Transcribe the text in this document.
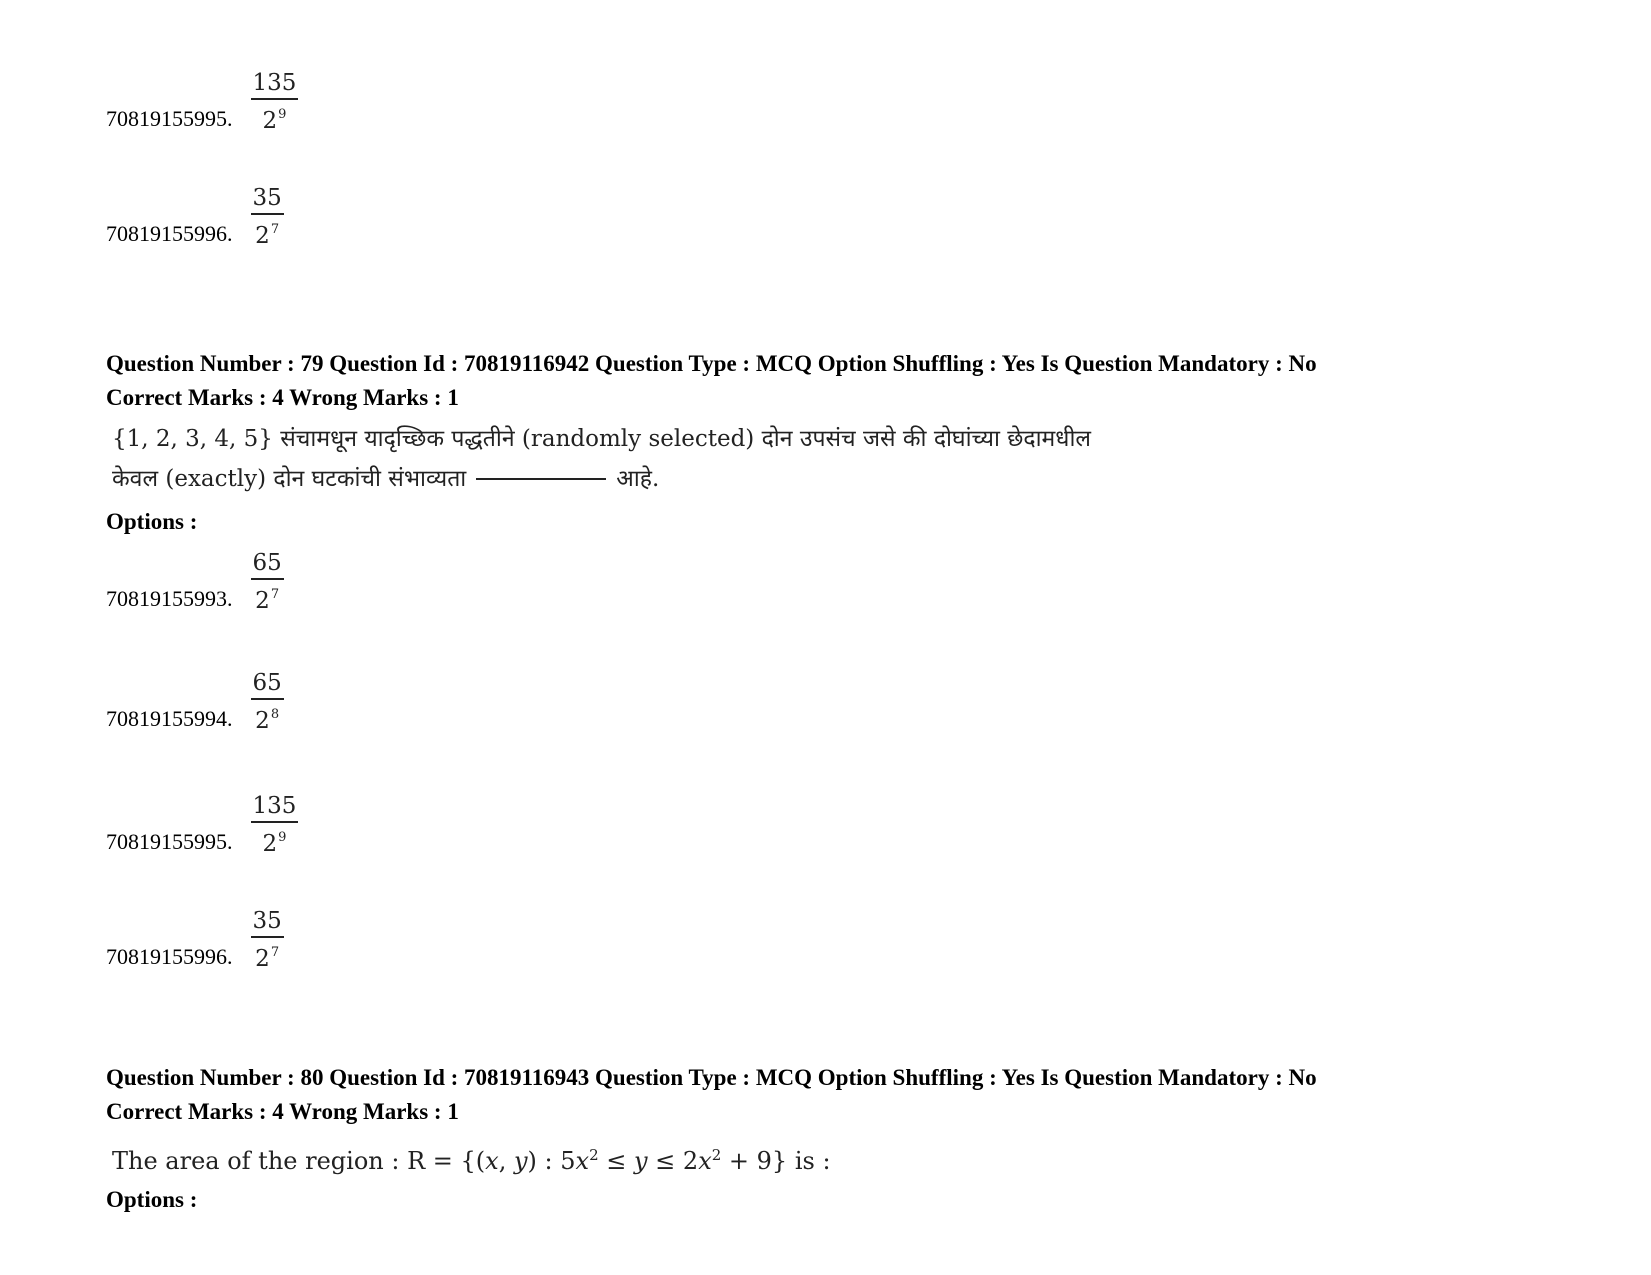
70819155995. $\frac{135}{2^9}$
70819155996. $\frac{35}{2^7}$
Question Number : 79 Question Id : 70819116942 Question Type : MCQ Option Shuffling : Yes Is Question Mandatory : No
Correct Marks : 4 Wrong Marks : 1
{1, 2, 3, 4, 5} संचामधून यादृच्छिक पद्धतीने (randomly selected) दोन उपसंच जसे की दोघांच्या छेदामधील
केवल (exactly) दोन घटकांची संभाव्यता	आहे.
Options :
70819155993. $\frac{65}{2^7}$
70819155994. $\frac{65}{2^8}$
70819155995. $\frac{135}{2^9}$
70819155996. $\frac{35}{2^7}$
Question Number : 80 Question Id : 70819116943 Question Type : MCQ Option Shuffling : Yes Is Question Mandatory : No
Correct Marks : 4 Wrong Marks : 1
The area of the region : R = {(x, y) : $5x^2 \le y \le 2x^2 + 9$} is :
Options :
